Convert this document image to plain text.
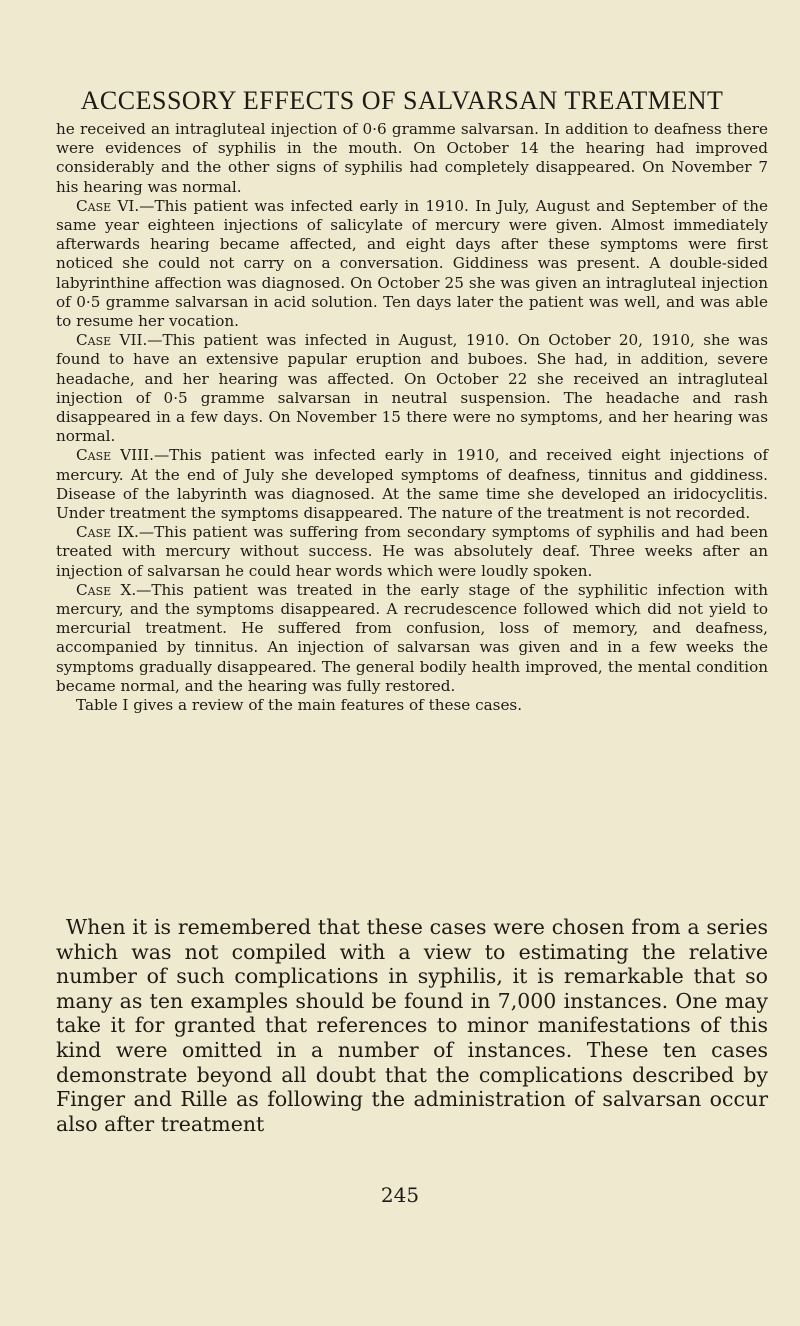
ACCESSORY EFFECTS OF SALVARSAN TREATMENT

he received an intragluteal injection of 0·6 gramme salvarsan. In addition to deafness there were evidences of syphilis in the mouth. On October 14 the hearing had improved considerably and the other signs of syphilis had completely disappeared. On November 7 his hearing was normal.

Case VI.—This patient was infected early in 1910. In July, August and September of the same year eighteen injections of salicylate of mercury were given. Almost immediately afterwards hearing became affected, and eight days after these symptoms were first noticed she could not carry on a conversation. Giddiness was present. A double-sided labyrinthine affection was diagnosed. On October 25 she was given an intragluteal injection of 0·5 gramme salvarsan in acid solution. Ten days later the patient was well, and was able to resume her vocation.

Case VII.—This patient was infected in August, 1910. On October 20, 1910, she was found to have an extensive papular eruption and buboes. She had, in addition, severe headache, and her hearing was affected. On October 22 she received an intragluteal injection of 0·5 gramme salvarsan in neutral suspension. The headache and rash disappeared in a few days. On November 15 there were no symptoms, and her hearing was normal.

Case VIII.—This patient was infected early in 1910, and received eight injections of mercury. At the end of July she developed symptoms of deafness, tinnitus and giddiness. Disease of the labyrinth was diagnosed. At the same time she developed an iridocyclitis. Under treatment the symptoms disappeared. The nature of the treatment is not recorded.

Case IX.—This patient was suffering from secondary symptoms of syphilis and had been treated with mercury without success. He was absolutely deaf. Three weeks after an injection of salvarsan he could hear words which were loudly spoken.

Case X.—This patient was treated in the early stage of the syphilitic infection with mercury, and the symptoms disappeared. A recrudescence followed which did not yield to mercurial treatment. He suffered from confusion, loss of memory, and deafness, accompanied by tinnitus. An injection of salvarsan was given and in a few weeks the symptoms gradually disappeared. The general bodily health improved, the mental condition became normal, and the hearing was fully restored.

Table I gives a review of the main features of these cases.

When it is remembered that these cases were chosen from a series which was not compiled with a view to estimating the relative number of such complications in syphilis, it is remarkable that so many as ten examples should be found in 7,000 instances. One may take it for granted that references to minor manifestations of this kind were omitted in a number of instances. These ten cases demonstrate beyond all doubt that the complications described by Finger and Rille as following the administration of salvarsan occur also after treatment

245
